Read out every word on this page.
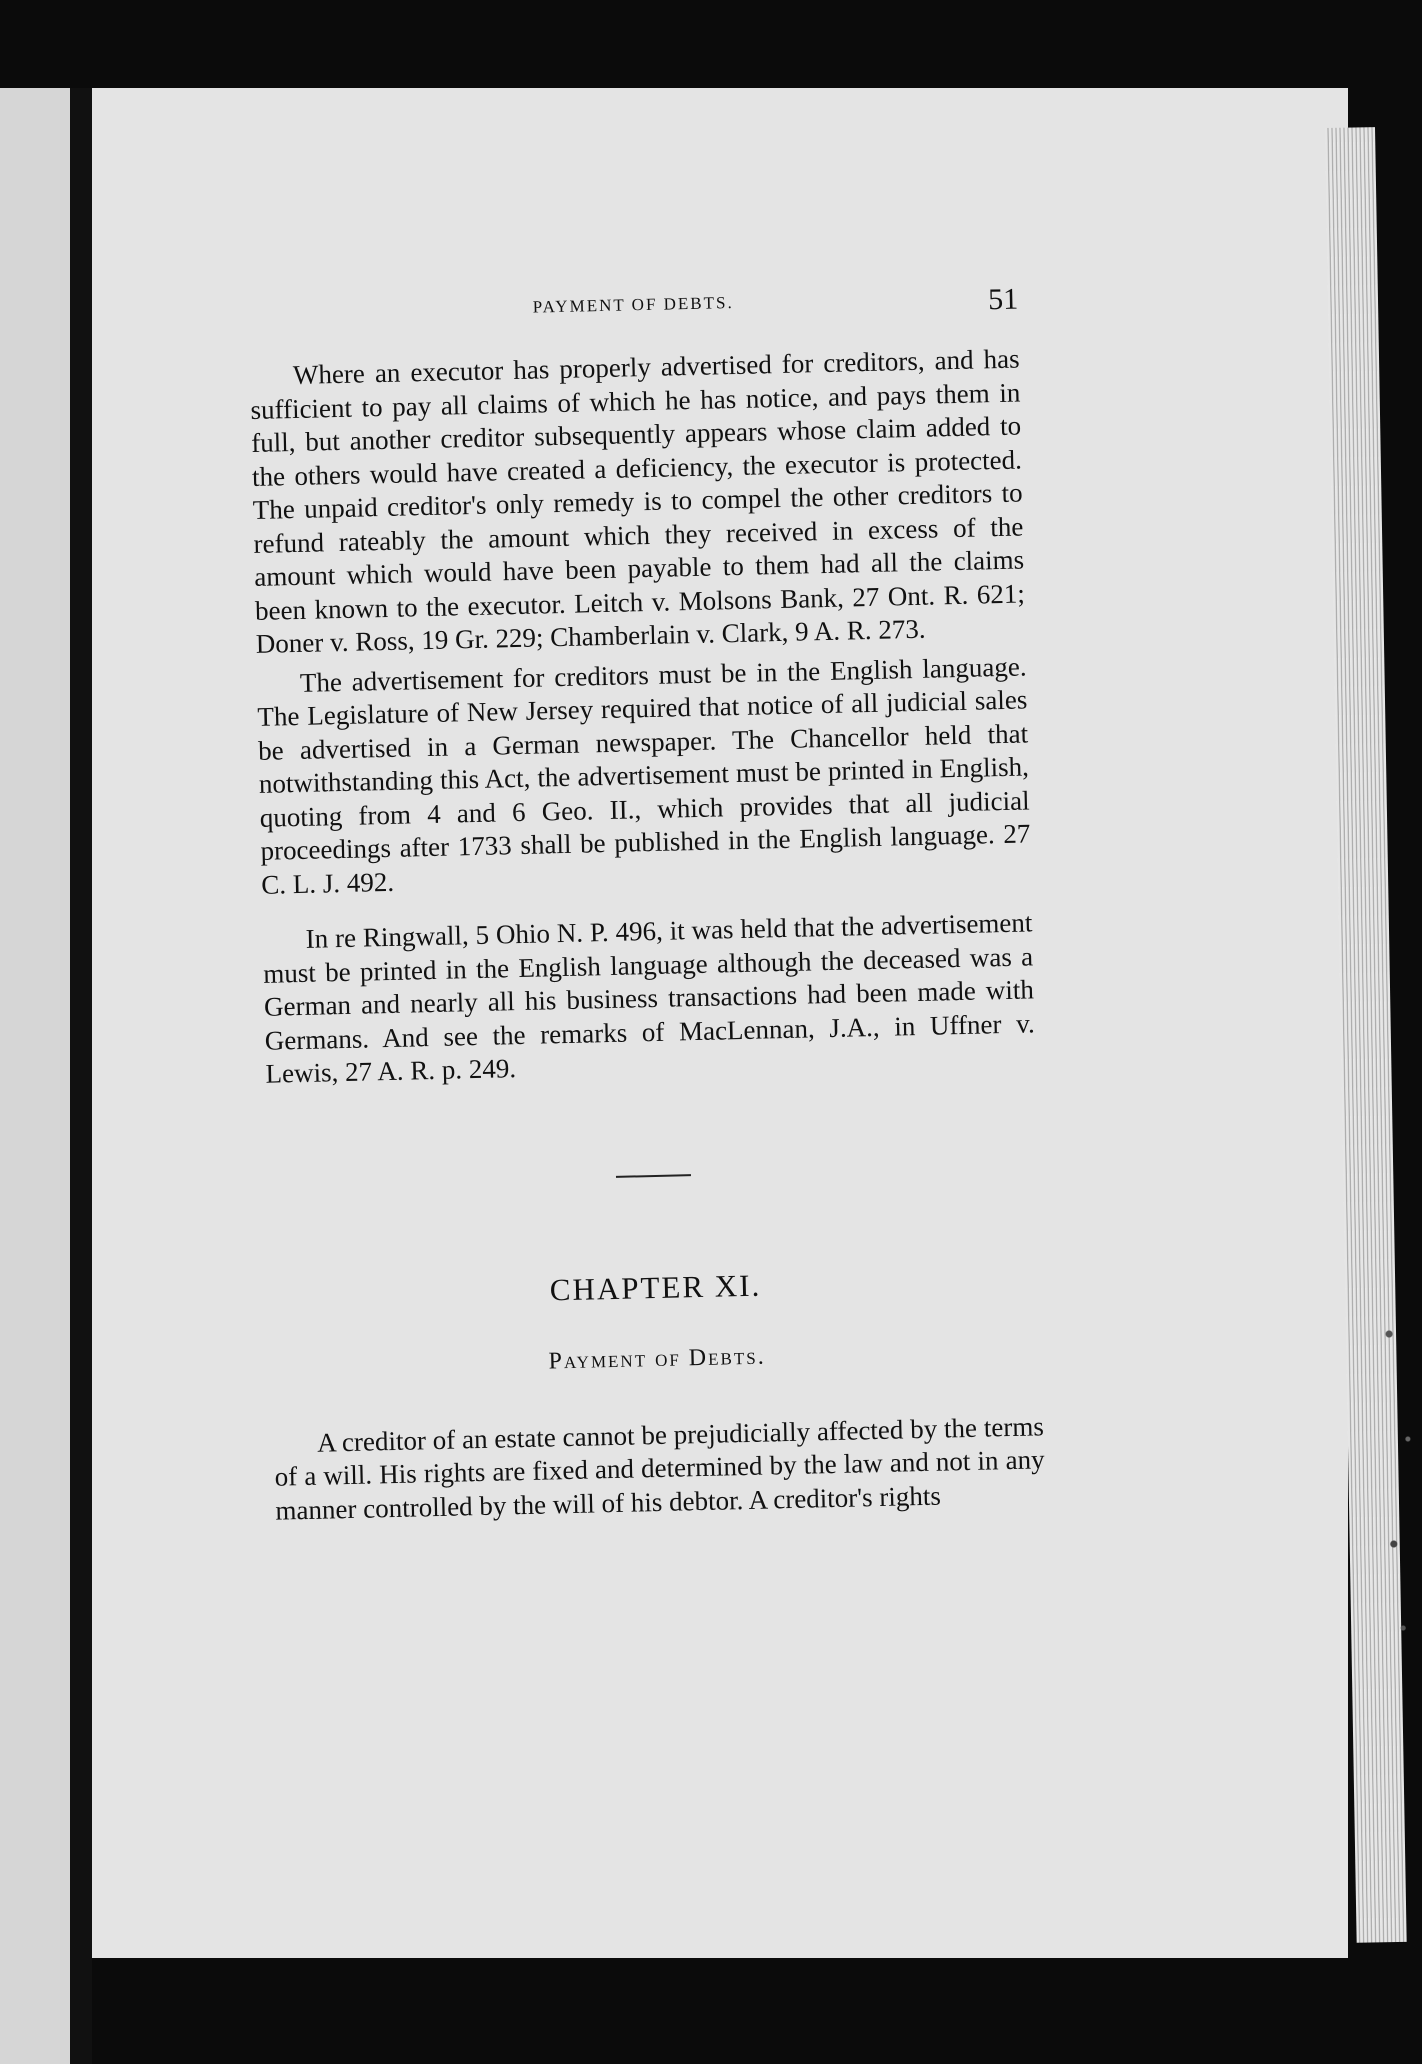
PAYMENT OF DEBTS.	51

Where an executor has properly advertised for creditors, and has sufficient to pay all claims of which he has notice, and pays them in full, but another creditor subsequently appears whose claim added to the others would have created a deficiency, the executor is protected. The unpaid creditor's only remedy is to compel the other creditors to refund rateably the amount which they received in excess of the amount which would have been payable to them had all the claims been known to the executor. Leitch v. Molsons Bank, 27 Ont. R. 621; Doner v. Ross, 19 Gr. 229; Chamberlain v. Clark, 9 A. R. 273.

The advertisement for creditors must be in the English language. The Legislature of New Jersey required that notice of all judicial sales be advertised in a German newspaper. The Chancellor held that notwithstanding this Act, the advertisement must be printed in English, quoting from 4 and 6 Geo. II., which provides that all judicial proceedings after 1733 shall be published in the English language. 27 C. L. J. 492.

In re Ringwall, 5 Ohio N. P. 496, it was held that the advertisement must be printed in the English language although the deceased was a German and nearly all his business transactions had been made with Germans. And see the remarks of MacLennan, J.A., in Uffner v. Lewis, 27 A. R. p. 249.

CHAPTER XI.
Payment of Debts.

A creditor of an estate cannot be prejudicially affected by the terms of a will. His rights are fixed and determined by the law and not in any manner controlled by the will of his debtor. A creditor's rights
